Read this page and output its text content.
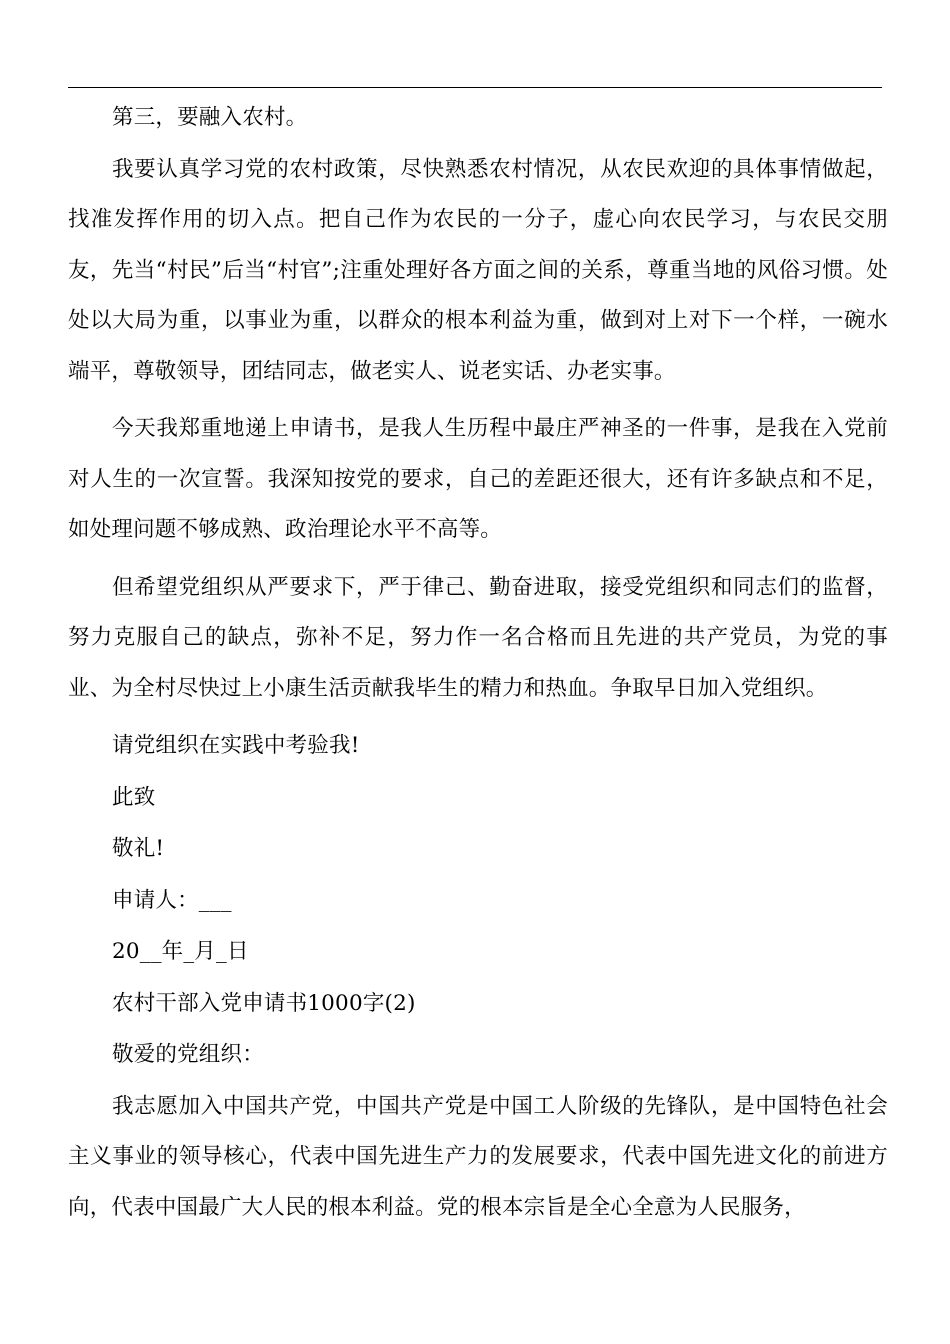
第三，要融入农村。

我要认真学习党的农村政策，尽快熟悉农村情况，从农民欢迎的具体事情做起，找准发挥作用的切入点。把自己作为农民的一分子，虚心向农民学习，与农民交朋友，先当“村民”后当“村官”;注重处理好各方面之间的关系，尊重当地的风俗习惯。处处以大局为重，以事业为重，以群众的根本利益为重，做到对上对下一个样，一碗水端平，尊敬领导，团结同志，做老实人、说老实话、办老实事。

今天我郑重地递上申请书，是我人生历程中最庄严神圣的一件事，是我在入党前对人生的一次宣誓。我深知按党的要求，自己的差距还很大，还有许多缺点和不足，如处理问题不够成熟、政治理论水平不高等。

但希望党组织从严要求下，严于律己、勤奋进取，接受党组织和同志们的监督，努力克服自己的缺点，弥补不足，努力作一名合格而且先进的共产党员，为党的事业、为全村尽快过上小康生活贡献我毕生的精力和热血。争取早日加入党组织。

请党组织在实践中考验我!

此致

敬礼!

申请人：___

20__年_月_日

农村干部入党申请书1000字(2)

敬爱的党组织：

我志愿加入中国共产党，中国共产党是中国工人阶级的先锋队，是中国特色社会主义事业的领导核心，代表中国先进生产力的发展要求，代表中国先进文化的前进方向，代表中国最广大人民的根本利益。党的根本宗旨是全心全意为人民服务，
